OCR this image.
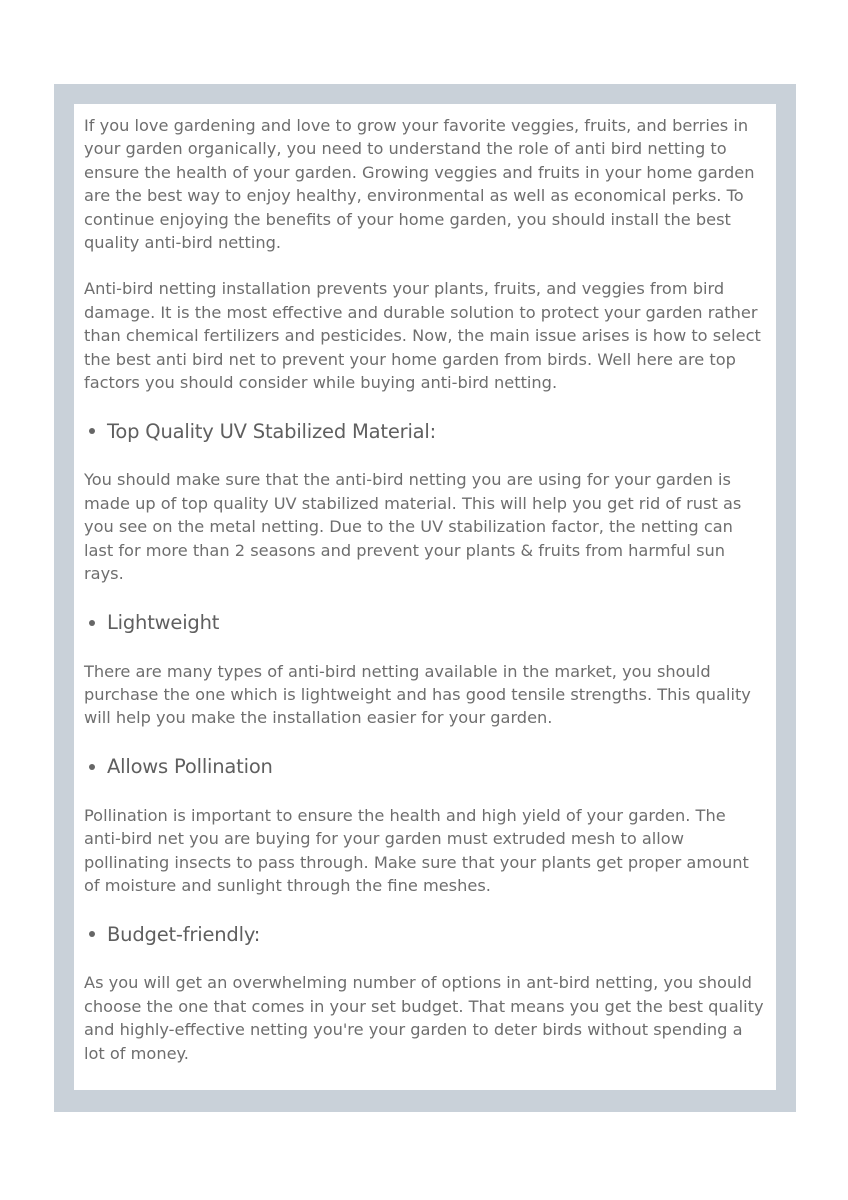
If you love gardening and love to grow your favorite veggies, fruits, and berries in your garden organically, you need to understand the role of anti bird netting to ensure the health of your garden. Growing veggies and fruits in your home garden are the best way to enjoy healthy, environmental as well as economical perks. To continue enjoying the benefits of your home garden, you should install the best quality anti-bird netting.

Anti-bird netting installation prevents your plants, fruits, and veggies from bird damage. It is the most effective and durable solution to protect your garden rather than chemical fertilizers and pesticides. Now, the main issue arises is how to select the best anti bird net to prevent your home garden from birds. Well here are top factors you should consider while buying anti-bird netting.

Top Quality UV Stabilized Material:

You should make sure that the anti-bird netting you are using for your garden is made up of top quality UV stabilized material. This will help you get rid of rust as you see on the metal netting. Due to the UV stabilization factor, the netting can last for more than 2 seasons and prevent your plants & fruits from harmful sun rays.

Lightweight

There are many types of anti-bird netting available in the market, you should purchase the one which is lightweight and has good tensile strengths. This quality will help you make the installation easier for your garden.

Allows Pollination

Pollination is important to ensure the health and high yield of your garden. The anti-bird net you are buying for your garden must extruded mesh to allow pollinating insects to pass through. Make sure that your plants get proper amount of moisture and sunlight through the fine meshes.

Budget-friendly:

As you will get an overwhelming number of options in ant-bird netting, you should choose the one that comes in your set budget. That means you get the best quality and highly-effective netting you're your garden to deter birds without spending a lot of money.
